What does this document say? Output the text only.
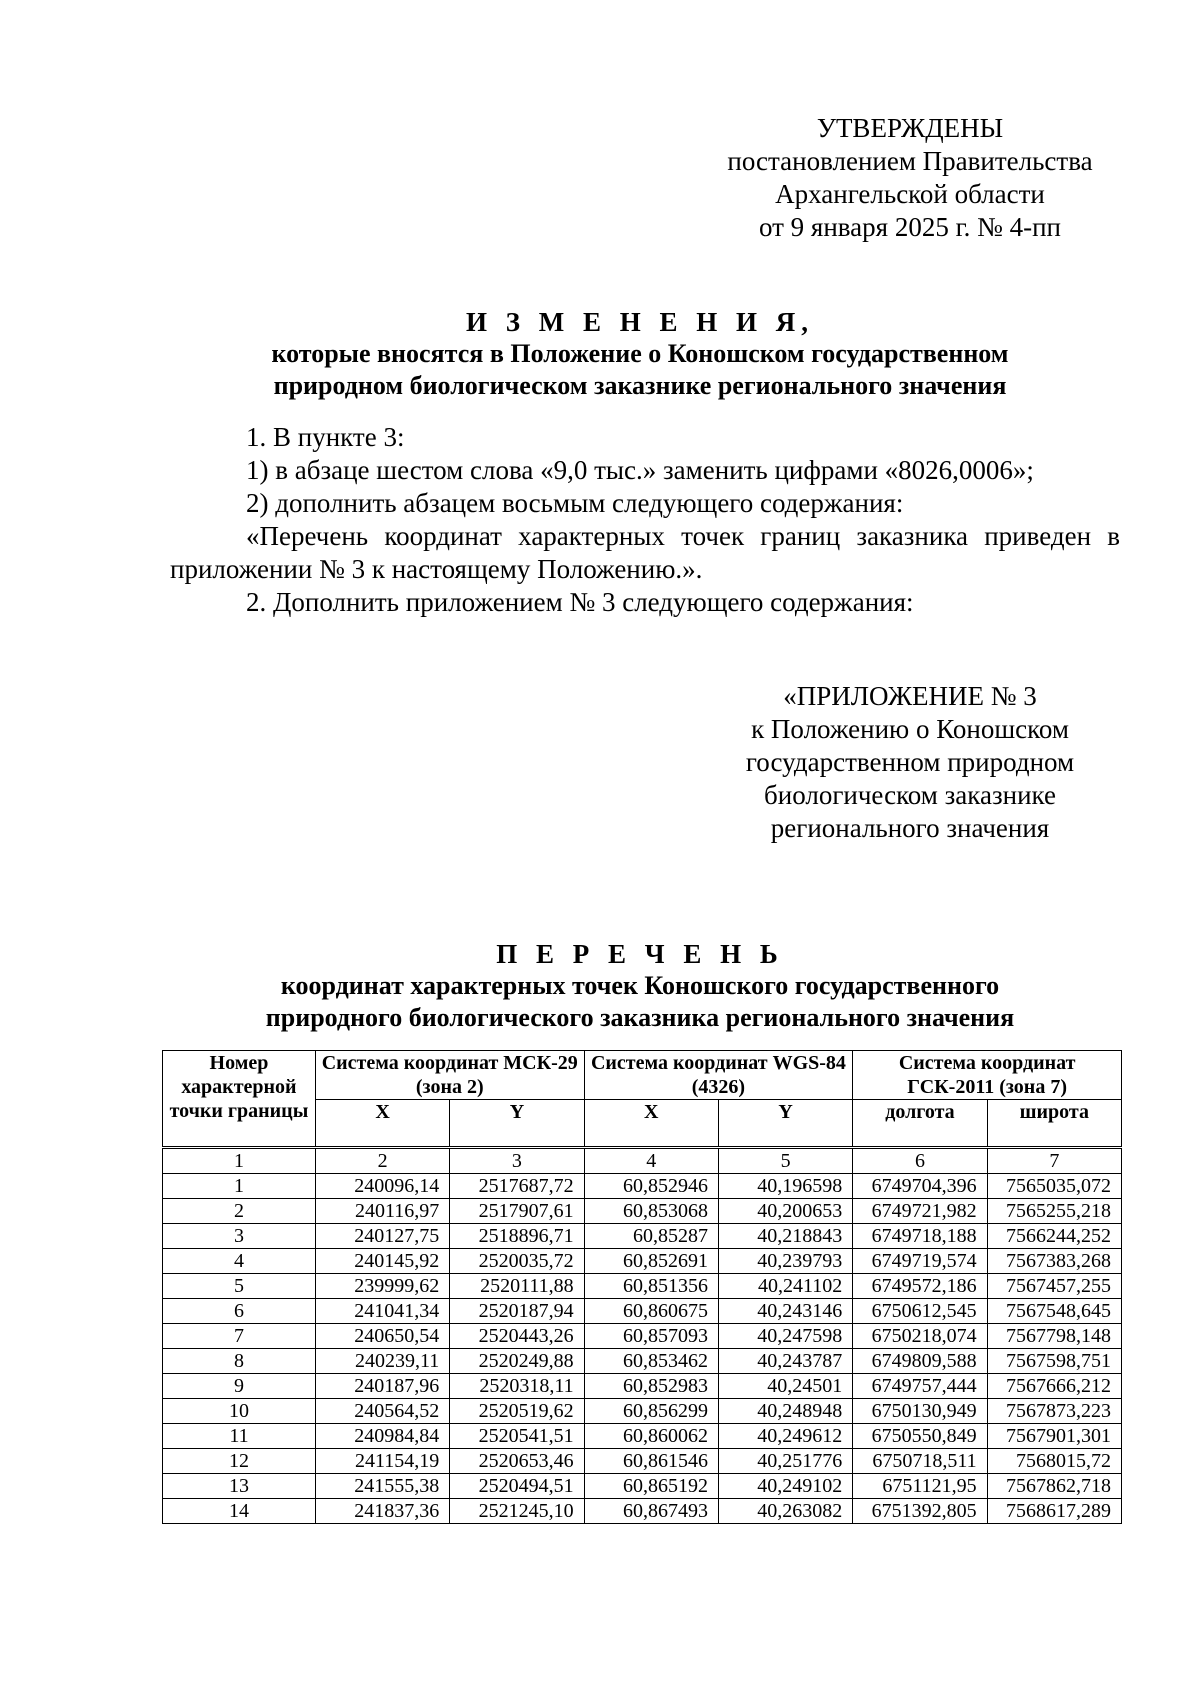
УТВЕРЖДЕНЫ
постановлением Правительства
Архангельской области
от 9 января 2025 г. № 4-пп
И З М Е Н Е Н И Я,
которые вносятся в Положение о Коношском государственном
природном биологическом заказнике регионального значения

1. В пункте 3:

1) в абзаце шестом слова «9,0 тыс.» заменить цифрами «8026,0006»;

2) дополнить абзацем восьмым следующего содержания:

«Перечень координат характерных точек границ заказника приведен в приложении № 3 к настоящему Положению.».

2. Дополнить приложением № 3 следующего содержания:

«ПРИЛОЖЕНИЕ № 3
к Положению о Коношском
государственном природном
биологическом заказнике
регионального значения
П Е Р Е Ч Е Н Ь
координат характерных точек Коношского государственного
природного биологического заказника регионального значения
Номер характерной точки границы	Система координат МСК-29 (зона 2)		Система координат WGS-84 (4326)		Система координат ГСК-2011 (зона 7)	
	X	Y	X	Y	долгота	широта
1	2	3	4	5	6	7
1	240096,14	2517687,72	60,852946	40,196598	6749704,396	7565035,072
2	240116,97	2517907,61	60,853068	40,200653	6749721,982	7565255,218
3	240127,75	2518896,71	60,85287	40,218843	6749718,188	7566244,252
4	240145,92	2520035,72	60,852691	40,239793	6749719,574	7567383,268
5	239999,62	2520111,88	60,851356	40,241102	6749572,186	7567457,255
6	241041,34	2520187,94	60,860675	40,243146	6750612,545	7567548,645
7	240650,54	2520443,26	60,857093	40,247598	6750218,074	7567798,148
8	240239,11	2520249,88	60,853462	40,243787	6749809,588	7567598,751
9	240187,96	2520318,11	60,852983	40,24501	6749757,444	7567666,212
10	240564,52	2520519,62	60,856299	40,248948	6750130,949	7567873,223
11	240984,84	2520541,51	60,860062	40,249612	6750550,849	7567901,301
12	241154,19	2520653,46	60,861546	40,251776	6750718,511	7568015,72
13	241555,38	2520494,51	60,865192	40,249102	6751121,95	7567862,718
14	241837,36	2521245,10	60,867493	40,263082	6751392,805	7568617,289
